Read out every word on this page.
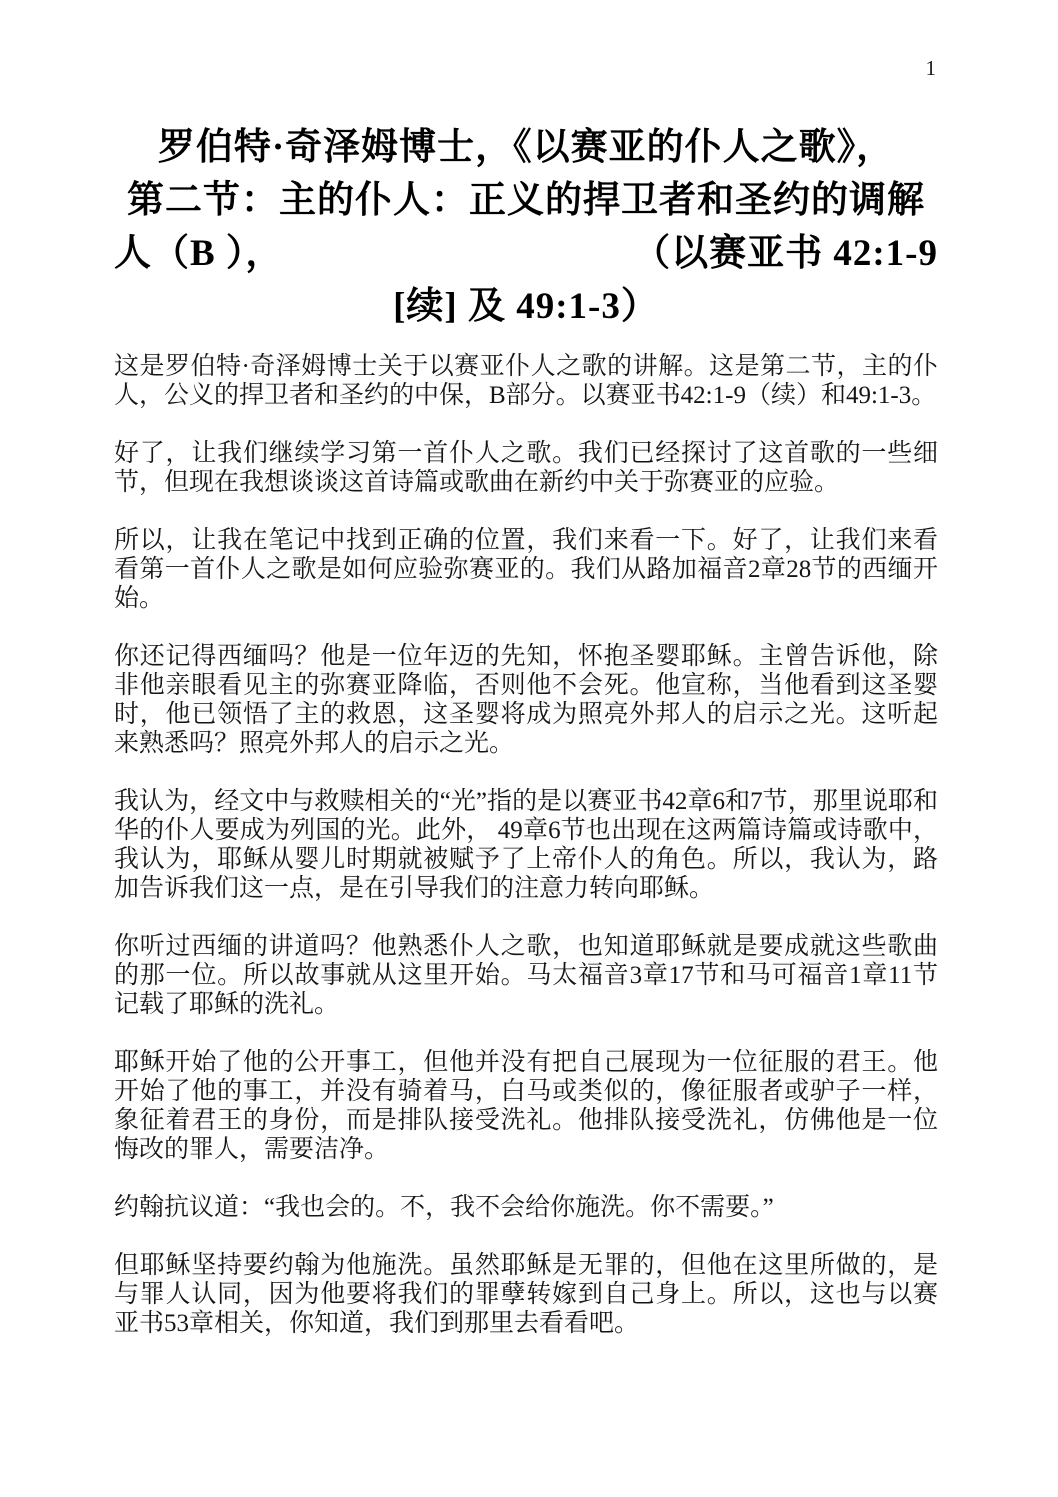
1
罗伯特·奇泽姆博士，《以赛亚的仆人之歌》，
第二节：主的仆人：正义的捍卫者和圣约的调解
人（B ），	（以赛亚书 42:1-9
[续] 及 49:1-3）

这是罗伯特·奇泽姆博士关于以赛亚仆人之歌的讲解。这是第二节，主的仆人，公义的捍卫者和圣约的中保，B部分。以赛亚书42:1-9（续）和49:1-3。

好了，让我们继续学习第一首仆人之歌。我们已经探讨了这首歌的一些细节，但现在我想谈谈这首诗篇或歌曲在新约中关于弥赛亚的应验。

所以，让我在笔记中找到正确的位置，我们来看一下。好了，让我们来看看第一首仆人之歌是如何应验弥赛亚的。我们从路加福音2章28节的西缅开始。

你还记得西缅吗？他是一位年迈的先知，怀抱圣婴耶稣。主曾告诉他，除非他亲眼看见主的弥赛亚降临，否则他不会死。他宣称，当他看到这圣婴时，他已领悟了主的救恩，这圣婴将成为照亮外邦人的启示之光。这听起来熟悉吗？照亮外邦人的启示之光。

我认为，经文中与救赎相关的“光”指的是以赛亚书42章6和7节，那里说耶和华的仆人要成为列国的光。此外， 49章6节也出现在这两篇诗篇或诗歌中，我认为，耶稣从婴儿时期就被赋予了上帝仆人的角色。所以，我认为，路加告诉我们这一点，是在引导我们的注意力转向耶稣。

你听过西缅的讲道吗？他熟悉仆人之歌，也知道耶稣就是要成就这些歌曲的那一位。所以故事就从这里开始。马太福音3章17节和马可福音1章11节记载了耶稣的洗礼。

耶稣开始了他的公开事工，但他并没有把自己展现为一位征服的君王。他开始了他的事工，并没有骑着马，白马或类似的，像征服者或驴子一样，象征着君王的身份，而是排队接受洗礼。他排队接受洗礼，仿佛他是一位悔改的罪人，需要洁净。

约翰抗议道：“我也会的。不，我不会给你施洗。你不需要。”

但耶稣坚持要约翰为他施洗。虽然耶稣是无罪的，但他在这里所做的，是与罪人认同，因为他要将我们的罪孽转嫁到自己身上。所以，这也与以赛亚书53章相关，你知道，我们到那里去看看吧。
